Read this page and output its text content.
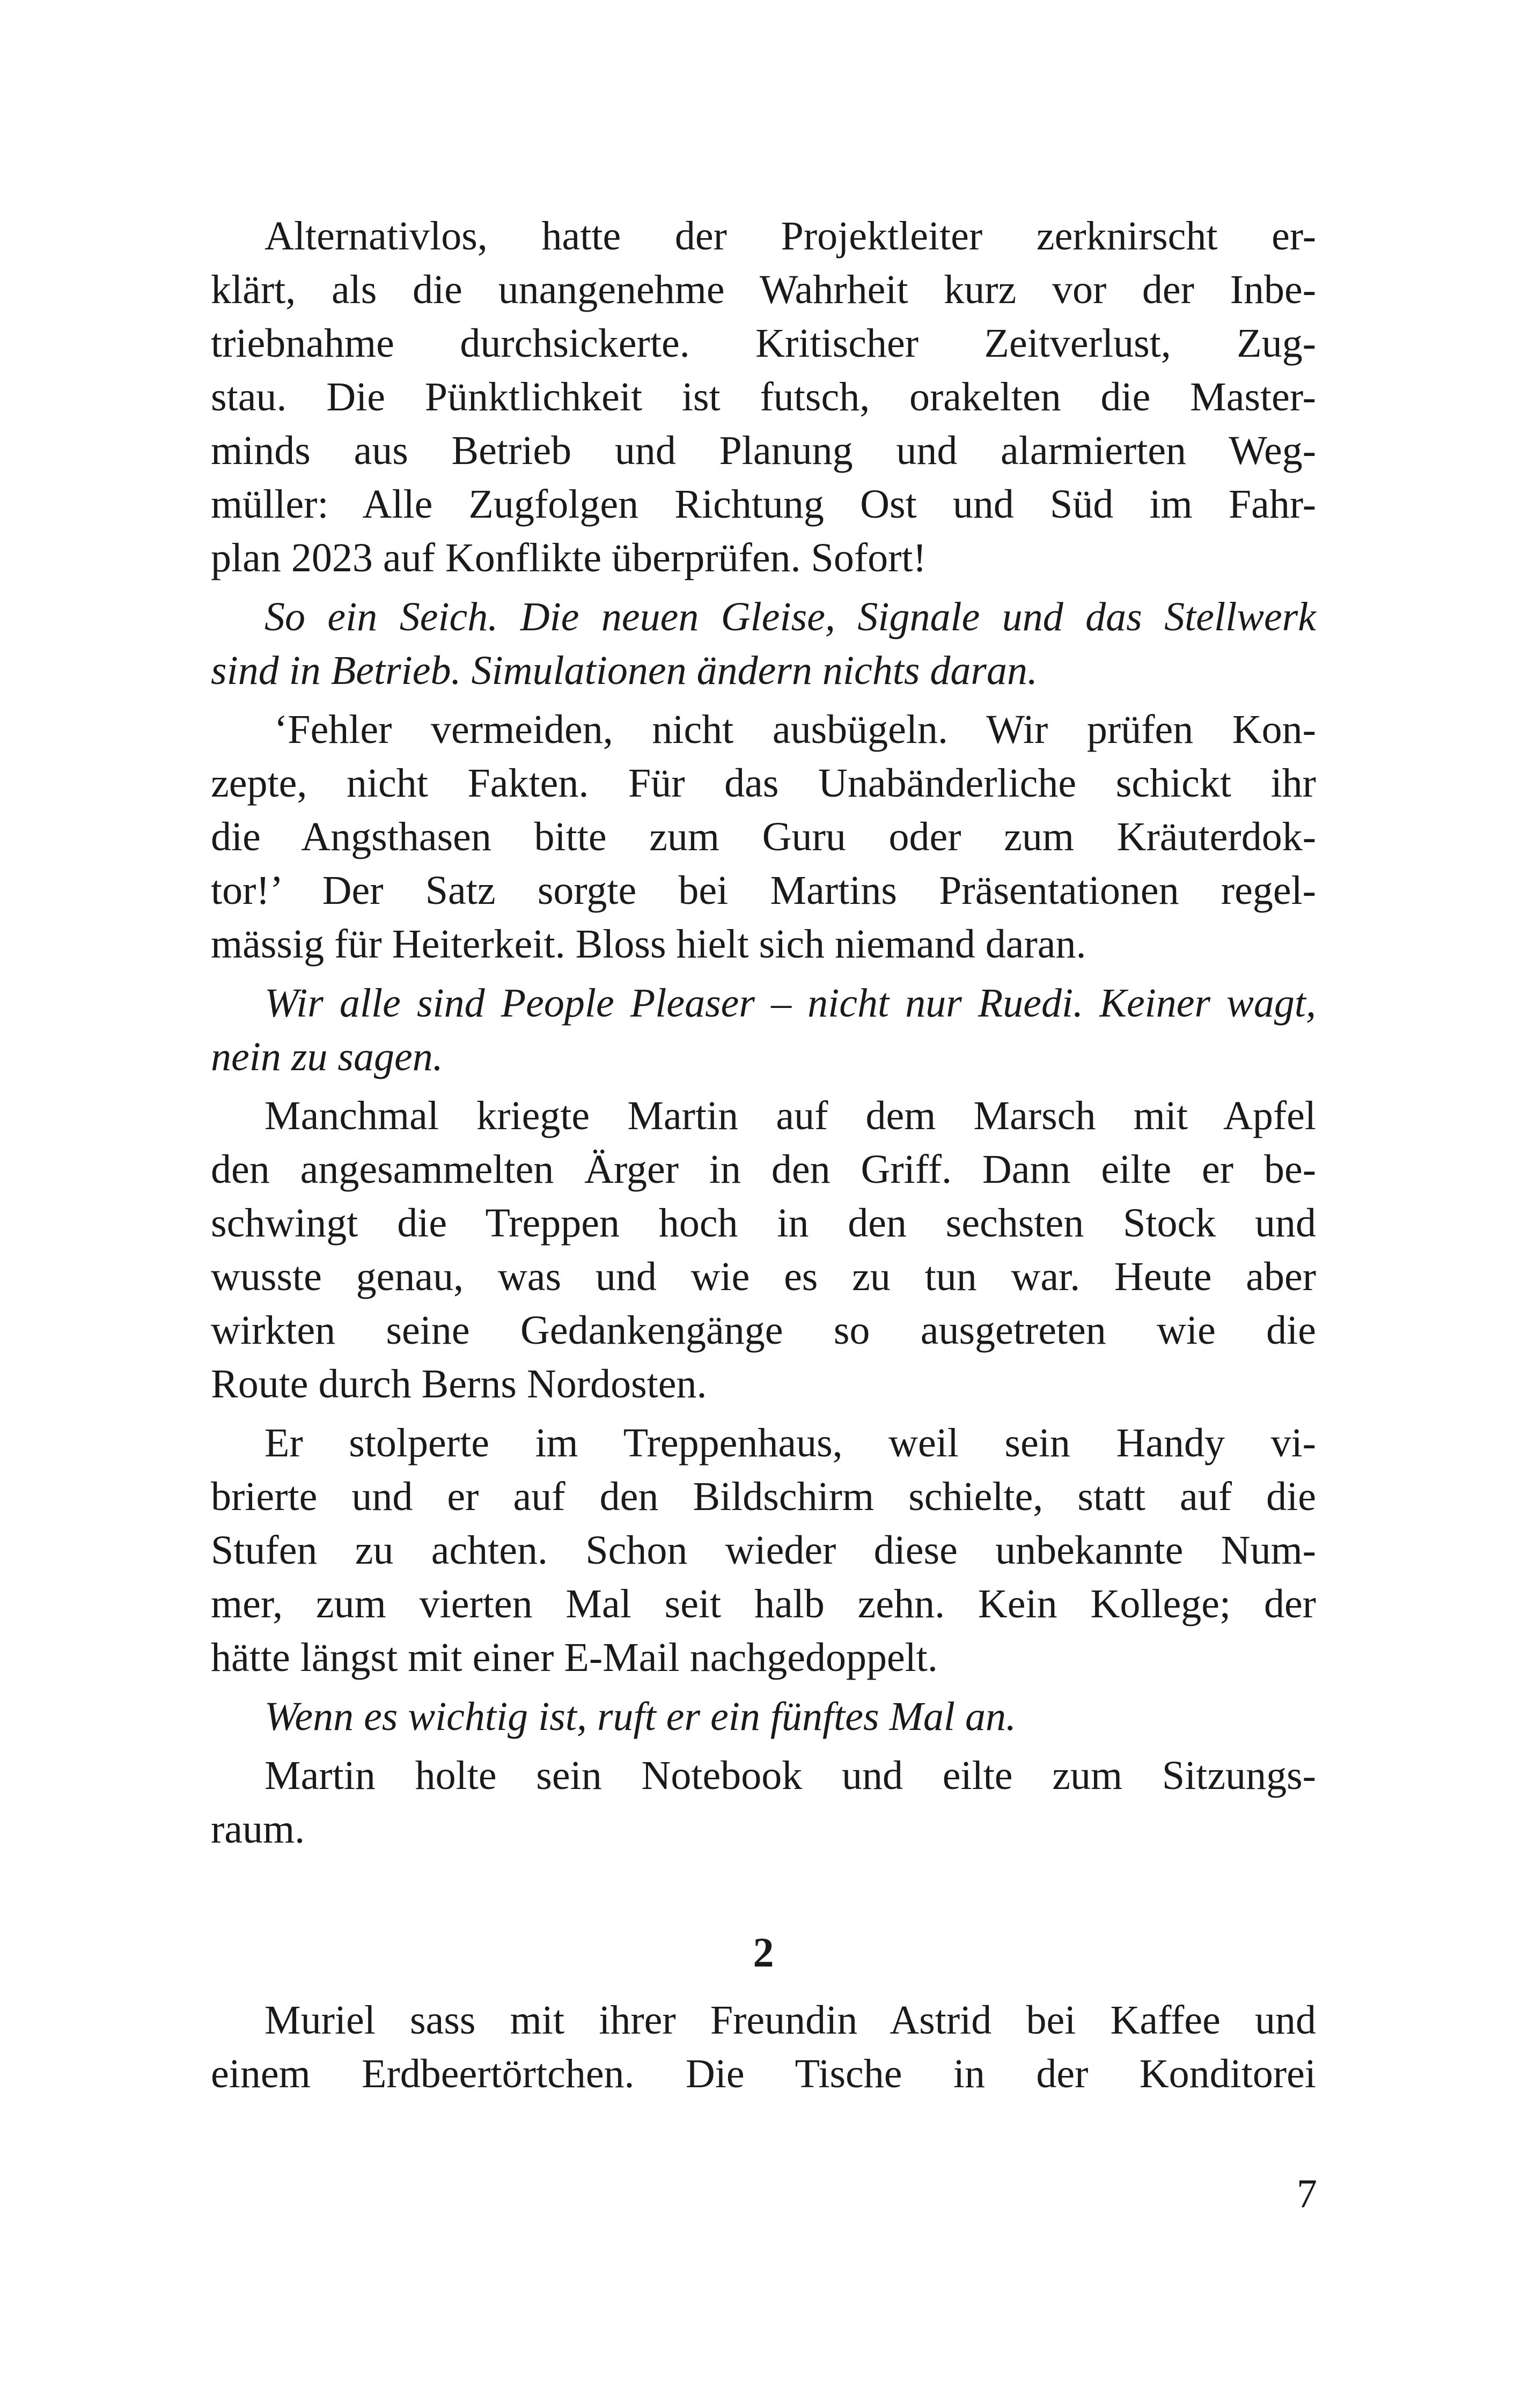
Alternativlos, hatte der Projektleiter zerknirscht er-
klärt, als die unangenehme Wahrheit kurz vor der Inbe-
triebnahme durchsickerte. Kritischer Zeitverlust, Zug-
stau. Die Pünktlichkeit ist futsch, orakelten die Master-
minds aus Betrieb und Planung und alarmierten Weg-
müller: Alle Zugfolgen Richtung Ost und Süd im Fahr-
plan 2023 auf Konflikte überprüfen. Sofort!
So ein Seich. Die neuen Gleise, Signale und das Stellwerk
sind in Betrieb. Simulationen ändern nichts daran.
‘Fehler vermeiden, nicht ausbügeln. Wir prüfen Kon-
zepte, nicht Fakten. Für das Unabänderliche schickt ihr
die Angsthasen bitte zum Guru oder zum Kräuterdok-
tor!’ Der Satz sorgte bei Martins Präsentationen regel-
mässig für Heiterkeit. Bloss hielt sich niemand daran.
Wir alle sind People Pleaser – nicht nur Ruedi. Keiner wagt,
nein zu sagen.
Manchmal kriegte Martin auf dem Marsch mit Apfel
den angesammelten Ärger in den Griff. Dann eilte er be-
schwingt die Treppen hoch in den sechsten Stock und
wusste genau, was und wie es zu tun war. Heute aber
wirkten seine Gedankengänge so ausgetreten wie die
Route durch Berns Nordosten.
Er stolperte im Treppenhaus, weil sein Handy vi-
brierte und er auf den Bildschirm schielte, statt auf die
Stufen zu achten. Schon wieder diese unbekannte Num-
mer, zum vierten Mal seit halb zehn. Kein Kollege; der
hätte längst mit einer E-Mail nachgedoppelt.
Wenn es wichtig ist, ruft er ein fünftes Mal an.
Martin holte sein Notebook und eilte zum Sitzungs-
raum.
2
Muriel sass mit ihrer Freundin Astrid bei Kaffee und
einem Erdbeertörtchen. Die Tische in der Konditorei
7
